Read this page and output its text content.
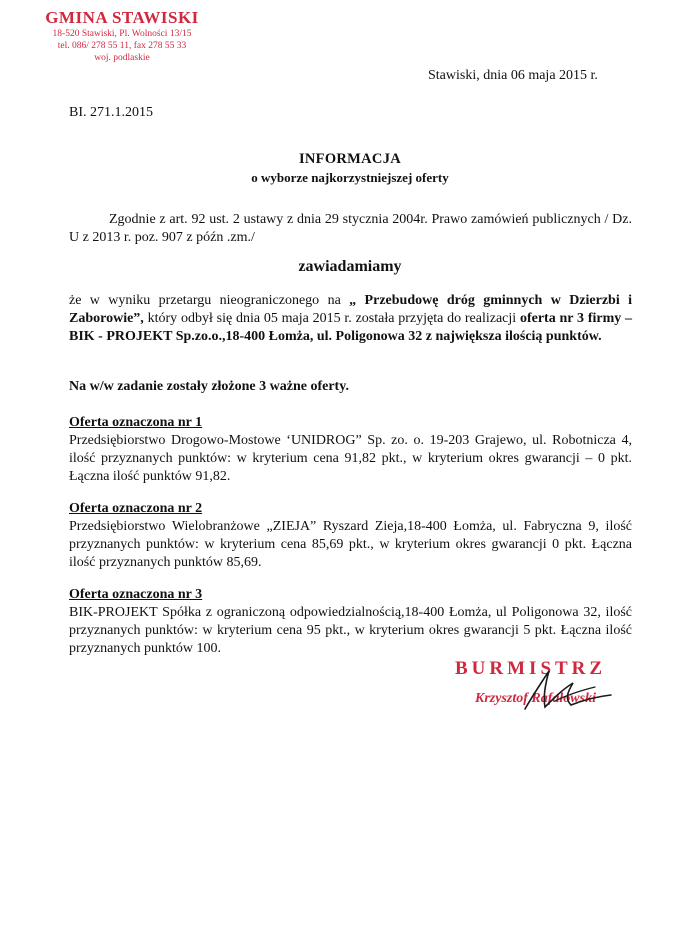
GMINA STAWISKI
18-520 Stawiski, Pl. Wolności 13/15
tel. 086/ 278 55 11, fax 278 55 33
woj. podlaskie
Stawiski, dnia 06 maja 2015 r.
BI. 271.1.2015
INFORMACJA
o wyborze najkorzystniejszej oferty
Zgodnie z art. 92 ust. 2 ustawy z dnia 29 stycznia 2004r. Prawo zamówień publicznych / Dz. U z 2013 r. poz. 907 z późn .zm./
zawiadamiamy
że w wyniku przetargu nieograniczonego na „ Przebudowę dróg gminnych w Dzierzbi i Zaborowie”, który odbył się dnia 05 maja 2015 r. została przyjęta do realizacji oferta nr 3 firmy – BIK - PROJEKT Sp.zo.o.,18-400 Łomża, ul. Poligonowa 32 z największa ilością punktów.
Na w/w zadanie zostały złożone 3 ważne oferty.
Oferta oznaczona nr 1
Przedsiębiorstwo Drogowo-Mostowe ‘UNIDROG” Sp. zo. o. 19-203 Grajewo, ul. Robotnicza 4, ilość przyznanych punktów: w kryterium cena 91,82 pkt., w kryterium okres gwarancji – 0 pkt. Łączna ilość punktów 91,82.
Oferta oznaczona nr 2
Przedsiębiorstwo Wielobranżowe „ZIEJA” Ryszard Zieja,18-400 Łomża, ul. Fabryczna 9, ilość przyznanych punktów: w kryterium cena 85,69 pkt., w kryterium okres gwarancji 0 pkt. Łączna ilość przyznanych punktów 85,69.
Oferta oznaczona nr 3
BIK-PROJEKT Spółka z ograniczoną odpowiedzialnością,18-400 Łomża, ul Poligonowa 32, ilość przyznanych punktów: w kryterium cena 95 pkt., w kryterium okres gwarancji 5 pkt. Łączna ilość przyznanych punktów 100.
BURMISTRZ
Krzysztof Rafałowski
